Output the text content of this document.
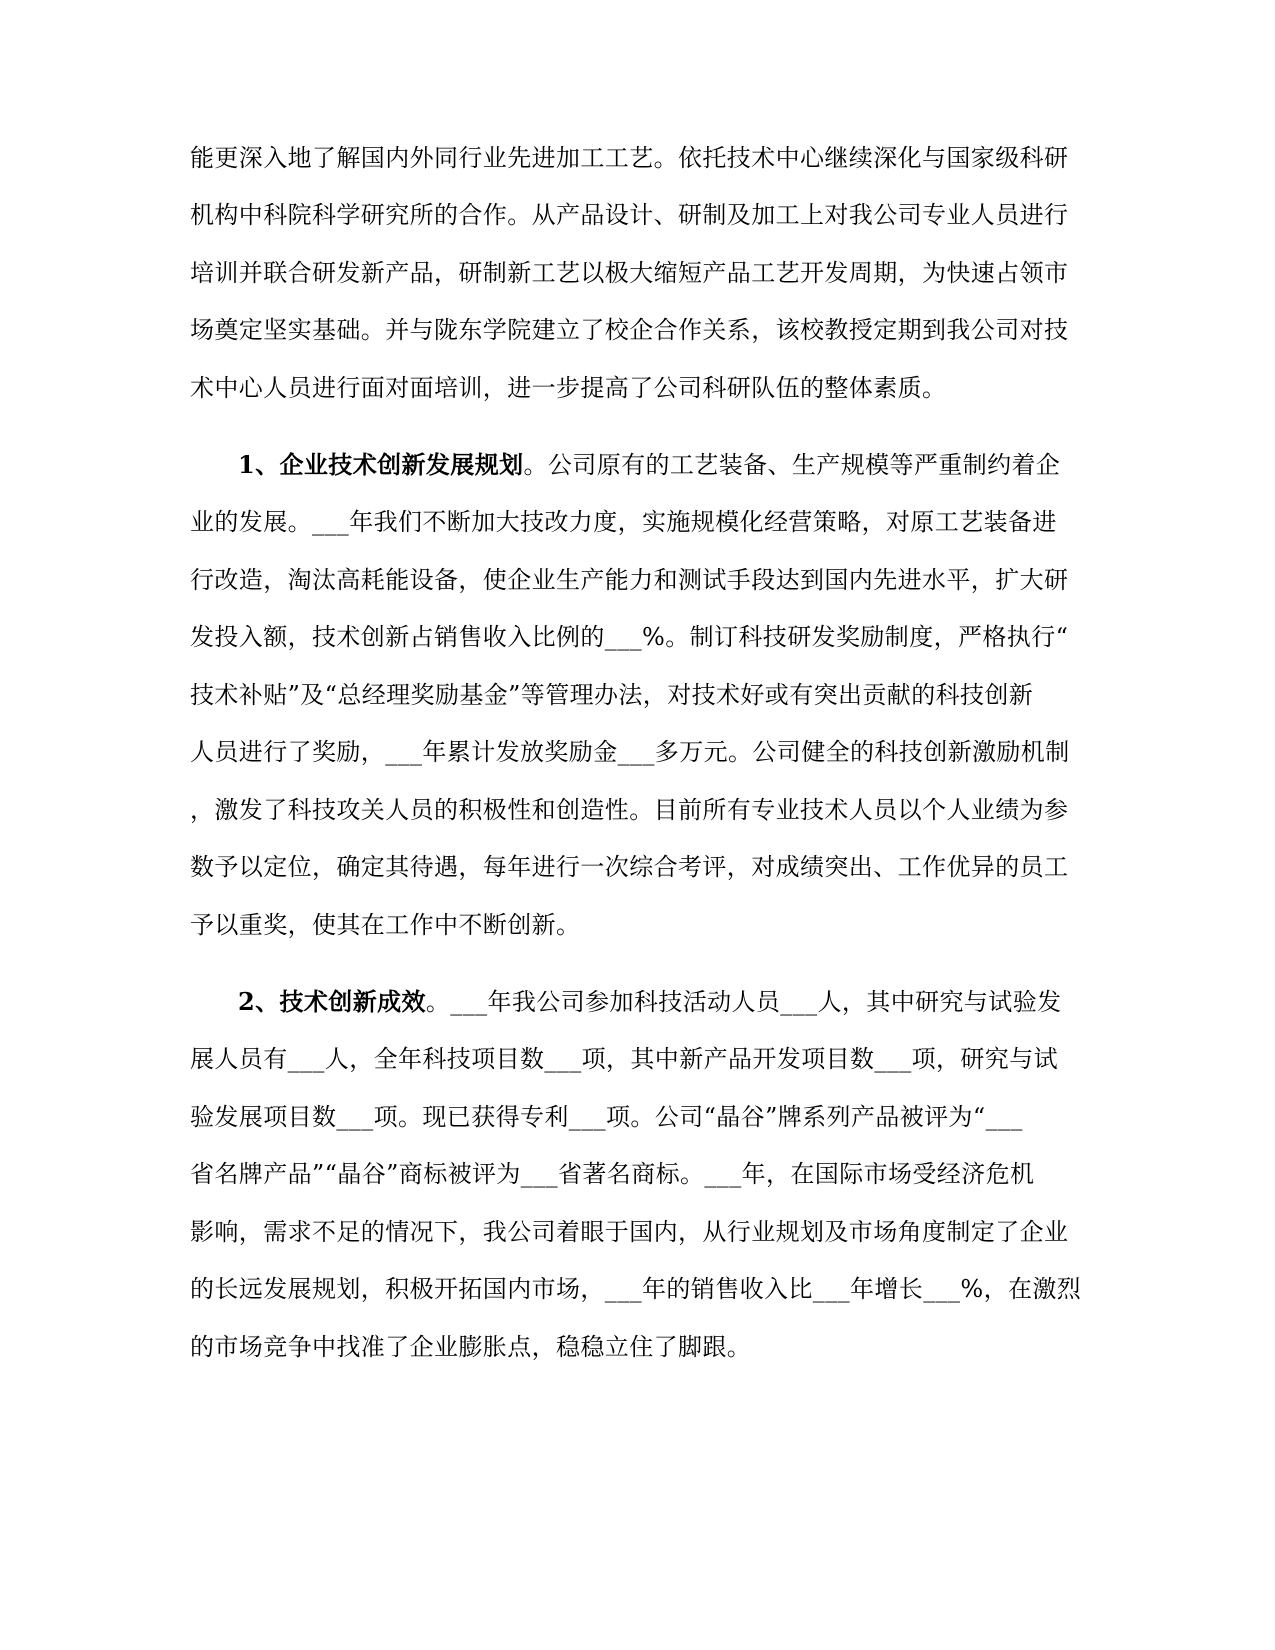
能更深入地了解国内外同行业先进加工工艺。依托技术中心继续深化与国家级科研
机构中科院科学研究所的合作。从产品设计、研制及加工上对我公司专业人员进行
培训并联合研发新产品，研制新工艺以极大缩短产品工艺开发周期，为快速占领市
场奠定坚实基础。并与陇东学院建立了校企合作关系，该校教授定期到我公司对技
术中心人员进行面对面培训，进一步提高了公司科研队伍的整体素质。
1、企业技术创新发展规划。公司原有的工艺装备、生产规模等严重制约着企
业的发展。___年我们不断加大技改力度，实施规模化经营策略，对原工艺装备进
行改造，淘汰高耗能设备，使企业生产能力和测试手段达到国内先进水平，扩大研
发投入额，技术创新占销售收入比例的___%。制订科技研发奖励制度，严格执行“
技术补贴”及“总经理奖励基金”等管理办法，对技术好或有突出贡献的科技创新
人员进行了奖励，___年累计发放奖励金___多万元。公司健全的科技创新激励机制
，激发了科技攻关人员的积极性和创造性。目前所有专业技术人员以个人业绩为参
数予以定位，确定其待遇，每年进行一次综合考评，对成绩突出、工作优异的员工
予以重奖，使其在工作中不断创新。
2、技术创新成效。___年我公司参加科技活动人员___人，其中研究与试验发
展人员有___人，全年科技项目数___项，其中新产品开发项目数___项，研究与试
验发展项目数___项。现已获得专利___项。公司“晶谷”牌系列产品被评为“___
省名牌产品”“晶谷”商标被评为___省著名商标。___年，在国际市场受经济危机
影响，需求不足的情况下，我公司着眼于国内，从行业规划及市场角度制定了企业
的长远发展规划，积极开拓国内市场，___年的销售收入比___年增长___%，在激烈
的市场竞争中找准了企业膨胀点，稳稳立住了脚跟。
